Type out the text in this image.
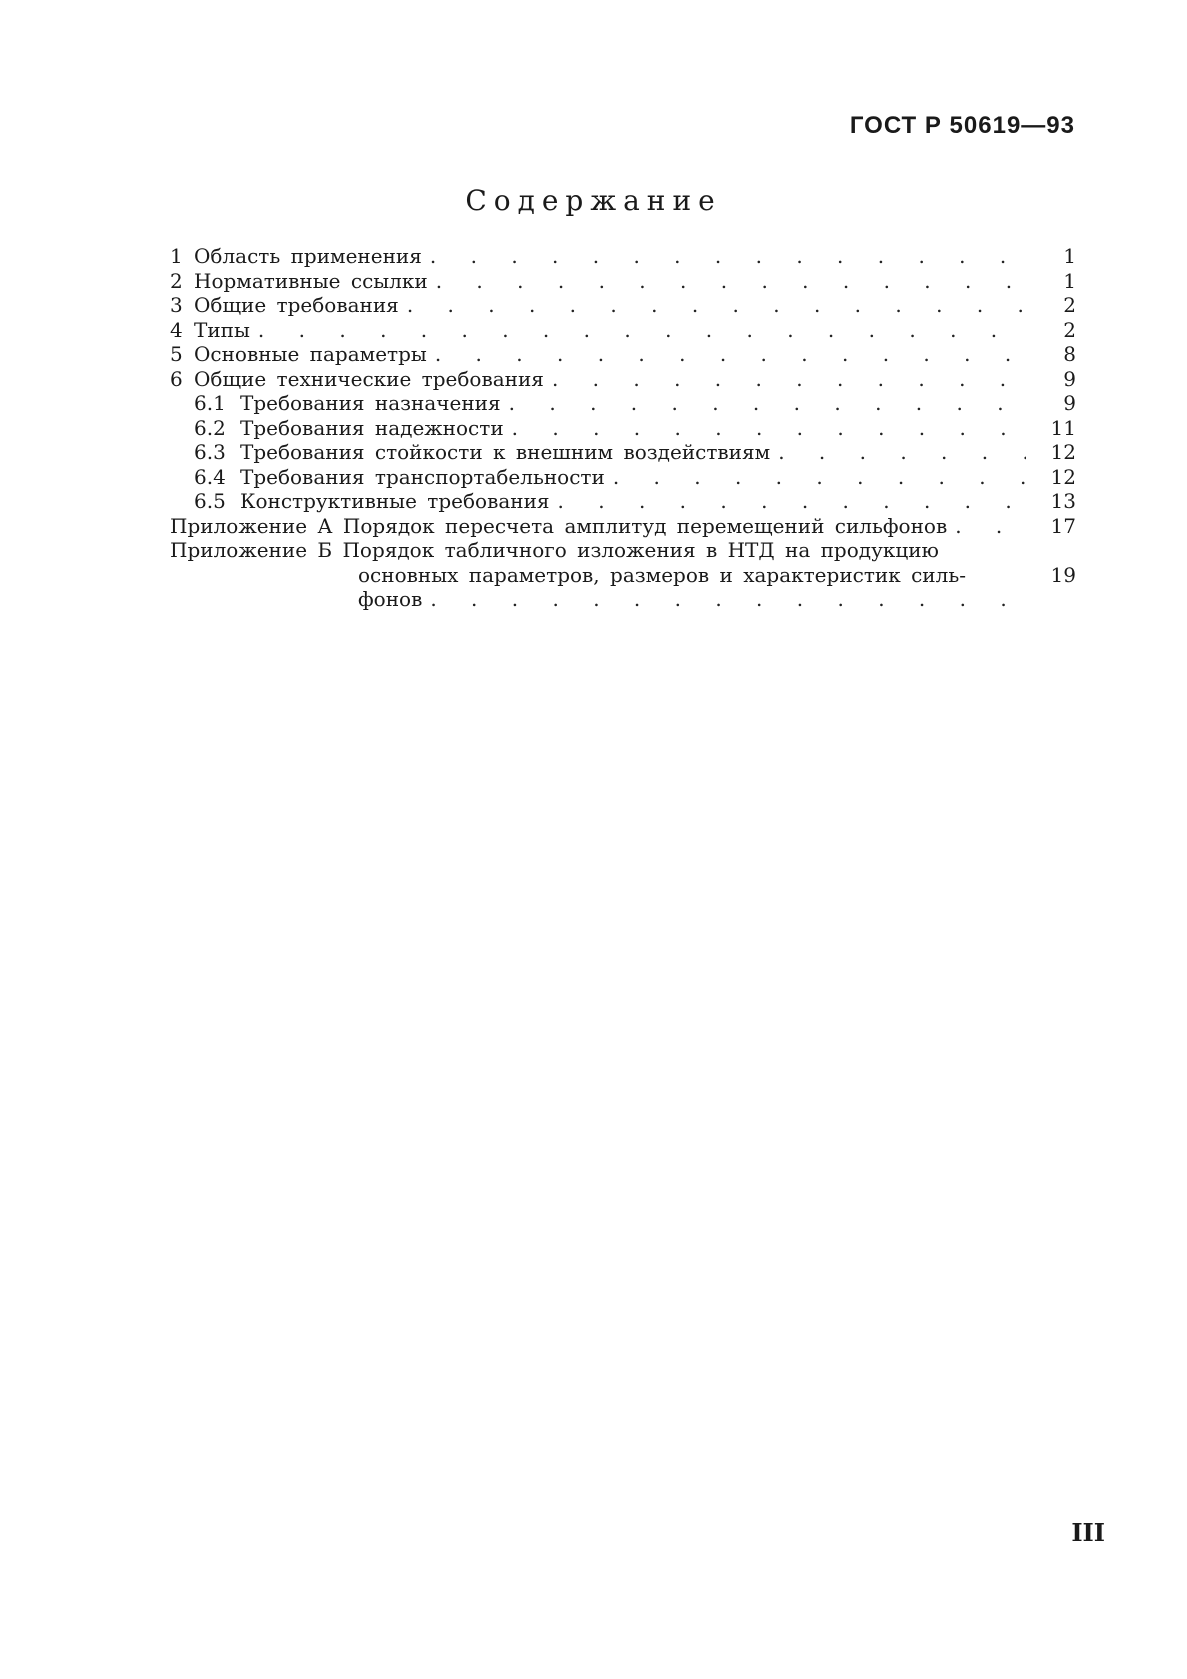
ГОСТ Р 50619—93
Содержание
1 Область применения . . .	1
2 Нормативные ссылки . . .	1
3 Общие требования . . .	2
4 Типы . . .	2
5 Основные параметры . . .	8
6 Общие технические требования . . .	9
6.1 Требования назначения . . .	9
6.2 Требования надежности . . .	11
6.3 Требования стойкости к внешним воздействиям . . .	12
6.4 Требования транспортабельности . . .	12
6.5 Конструктивные требования . . .	13
Приложение А Порядок пересчета амплитуд перемещений сильфонов . . .	17
Приложение Б Порядок табличного изложения в НТД на продукцию
основных параметров, размеров и характеристик силь-	19
фонов
. . .
III
